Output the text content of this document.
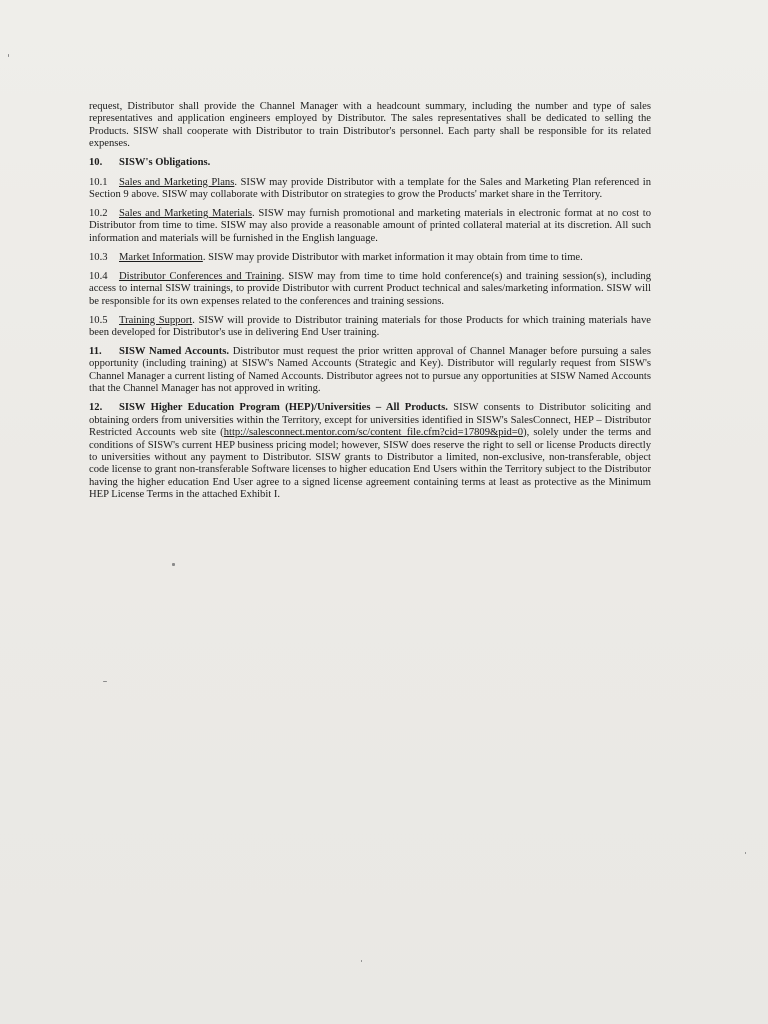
request, Distributor shall provide the Channel Manager with a headcount summary, including the number and type of sales representatives and application engineers employed by Distributor. The sales representatives shall be dedicated to selling the Products. SISW shall cooperate with Distributor to train Distributor's personnel. Each party shall be responsible for its related expenses.

10. SISW's Obligations.

10.1 Sales and Marketing Plans. SISW may provide Distributor with a template for the Sales and Marketing Plan referenced in Section 9 above. SISW may collaborate with Distributor on strategies to grow the Products' market share in the Territory.

10.2 Sales and Marketing Materials. SISW may furnish promotional and marketing materials in electronic format at no cost to Distributor from time to time. SISW may also provide a reasonable amount of printed collateral material at its discretion. All such information and materials will be furnished in the English language.

10.3 Market Information. SISW may provide Distributor with market information it may obtain from time to time.

10.4 Distributor Conferences and Training. SISW may from time to time hold conference(s) and training session(s), including access to internal SISW trainings, to provide Distributor with current Product technical and sales/marketing information. SISW will be responsible for its own expenses related to the conferences and training sessions.

10.5 Training Support. SISW will provide to Distributor training materials for those Products for which training materials have been developed for Distributor's use in delivering End User training.

11. SISW Named Accounts. Distributor must request the prior written approval of Channel Manager before pursuing a sales opportunity (including training) at SISW's Named Accounts (Strategic and Key). Distributor will regularly request from SISW's Channel Manager a current listing of Named Accounts. Distributor agrees not to pursue any opportunities at SISW Named Accounts that the Channel Manager has not approved in writing.

12. SISW Higher Education Program (HEP)/Universities – All Products. SISW consents to Distributor soliciting and obtaining orders from universities within the Territory, except for universities identified in SISW's SalesConnect, HEP – Distributor Restricted Accounts web site (http://salesconnect.mentor.com/sc/content_file.cfm?cid=17809&pid=0), solely under the terms and conditions of SISW's current HEP business pricing model; however, SISW does reserve the right to sell or license Products directly to universities without any payment to Distributor. SISW grants to Distributor a limited, non-exclusive, non-transferable, object code license to grant non-transferable Software licenses to higher education End Users within the Territory subject to the Distributor having the higher education End User agree to a signed license agreement containing terms at least as protective as the Minimum HEP License Terms in the attached Exhibit I.
